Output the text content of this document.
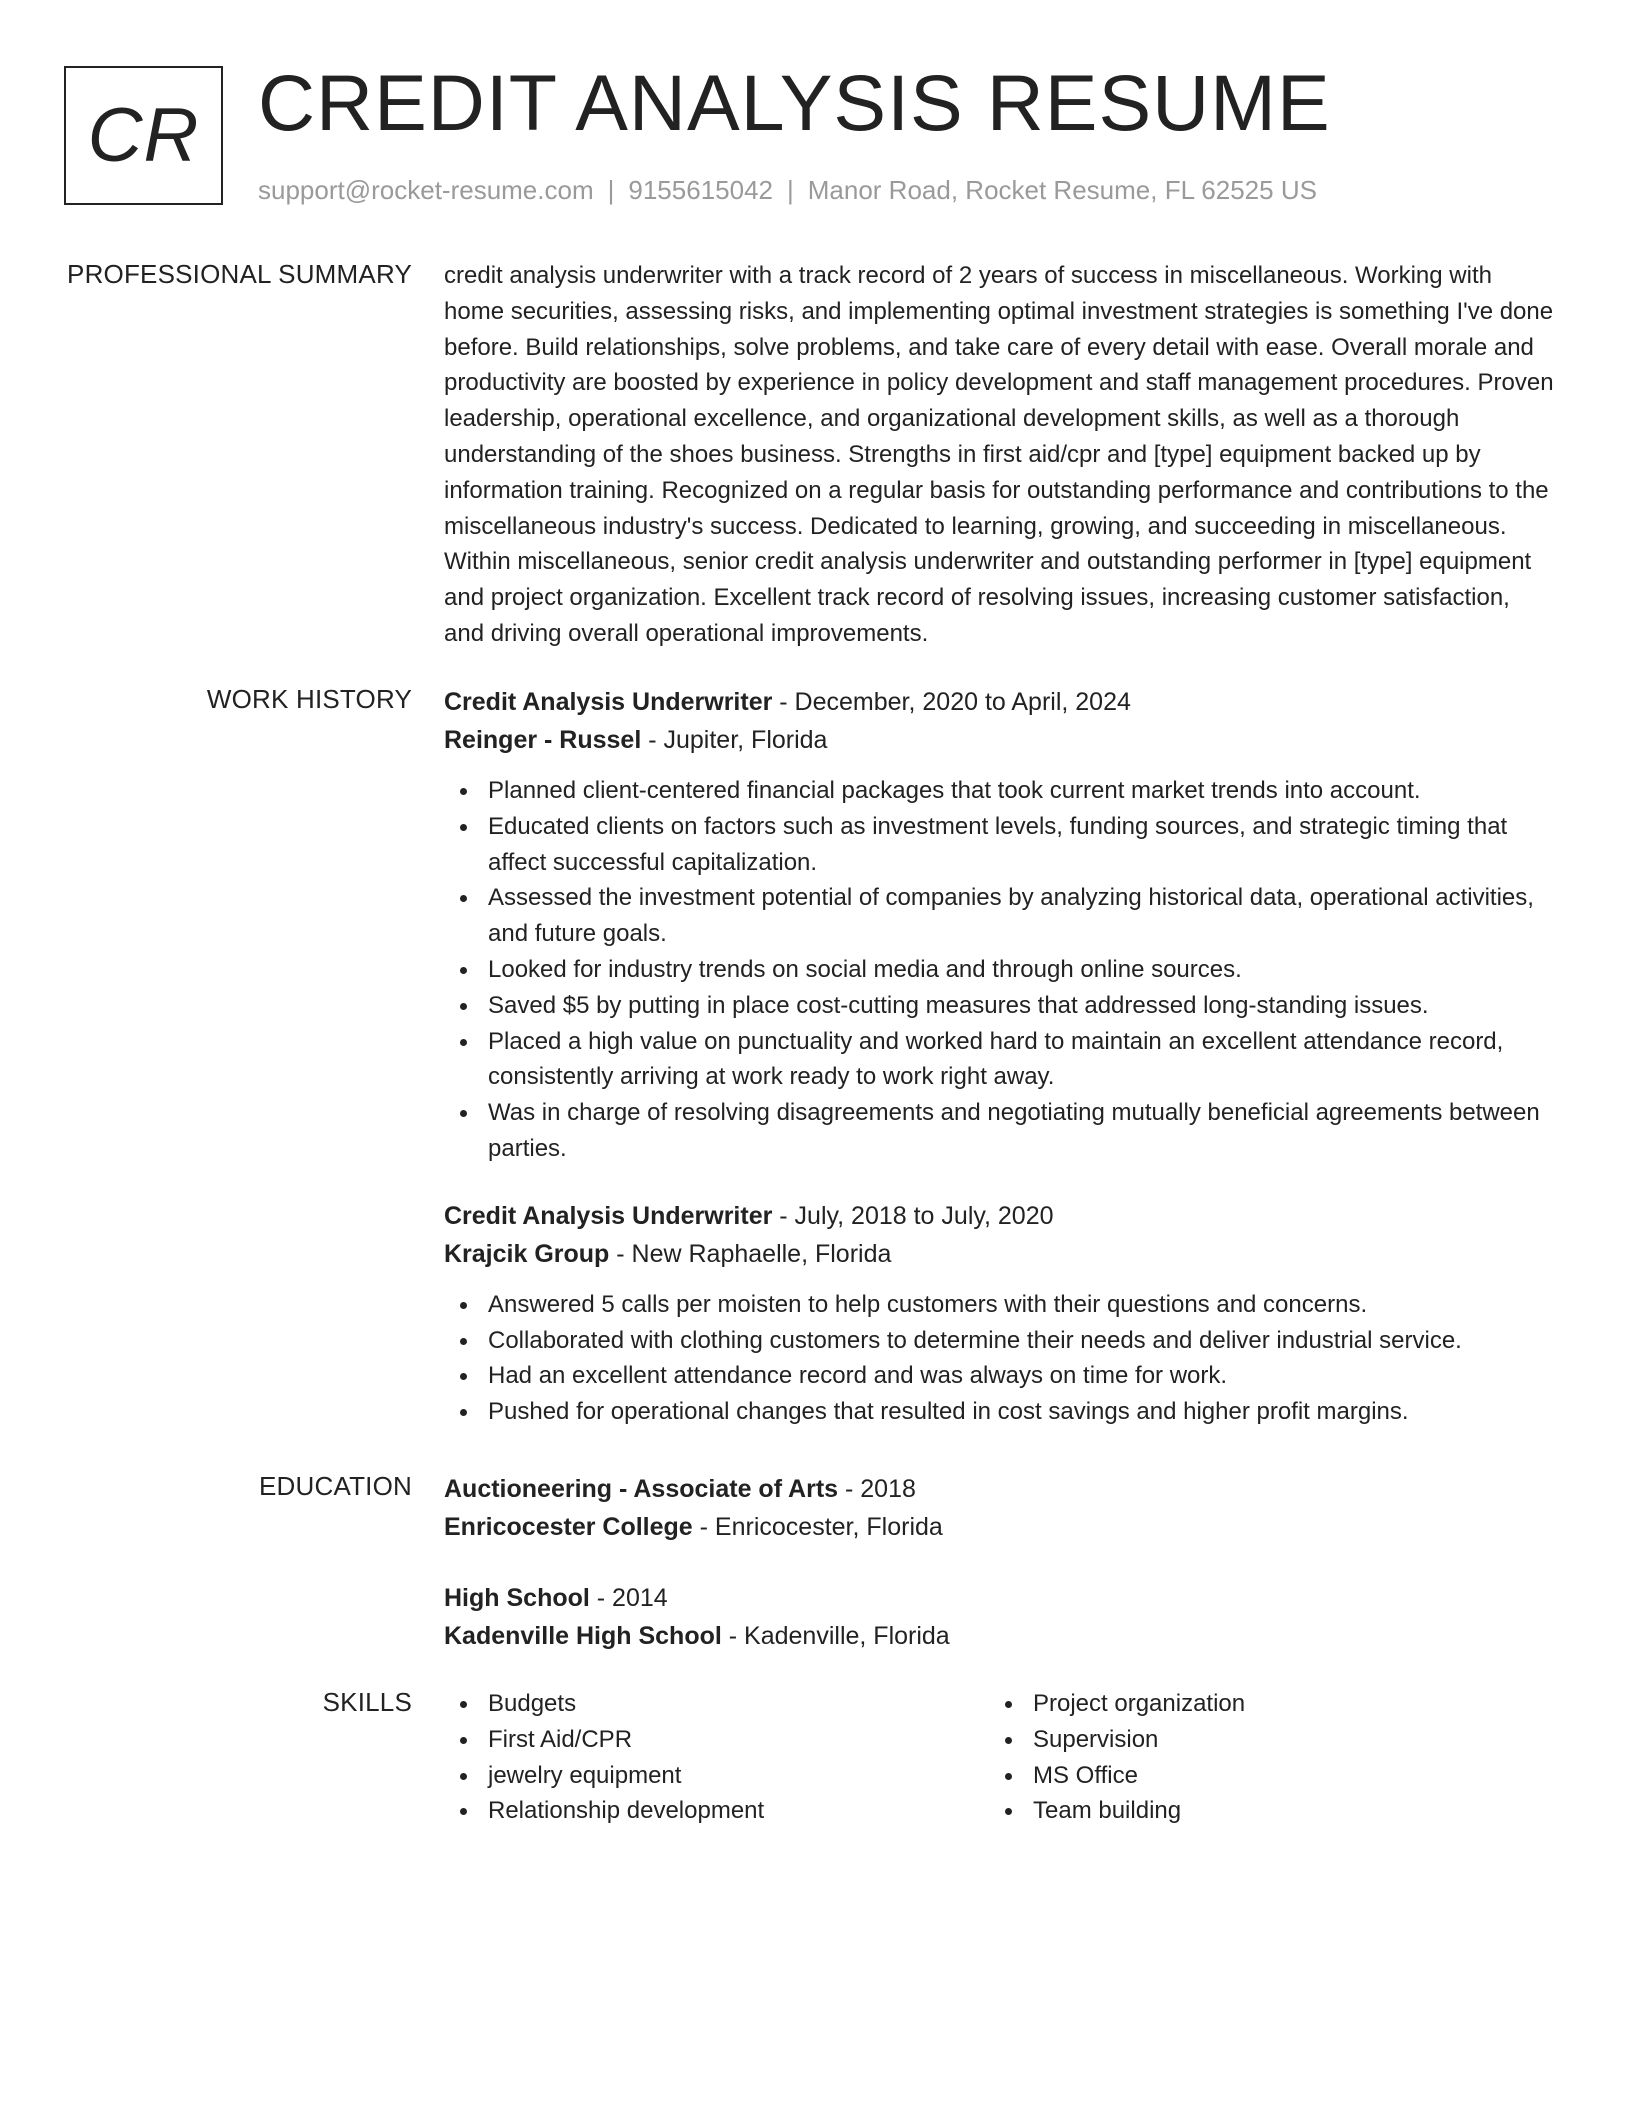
CR CREDIT ANALYSIS RESUME
support@rocket-resume.com | 9155615042 | Manor Road, Rocket Resume, FL 62525 US
PROFESSIONAL SUMMARY credit analysis underwriter with a track record of 2 years of success in miscellaneous. Working with home securities, assessing risks, and implementing optimal investment strategies is something I've done before. Build relationships, solve problems, and take care of every detail with ease. Overall morale and productivity are boosted by experience in policy development and staff management procedures. Proven leadership, operational excellence, and organizational development skills, as well as a thorough understanding of the shoes business. Strengths in first aid/cpr and [type] equipment backed up by information training. Recognized on a regular basis for outstanding performance and contributions to the miscellaneous industry's success. Dedicated to learning, growing, and succeeding in miscellaneous. Within miscellaneous, senior credit analysis underwriter and outstanding performer in [type] equipment and project organization. Excellent track record of resolving issues, increasing customer satisfaction, and driving overall operational improvements.

WORK HISTORY Credit Analysis Underwriter - December, 2020 to April, 2024
Reinger - Russel - Jupiter, Florida
Planned client-centered financial packages that took current market trends into account.
Educated clients on factors such as investment levels, funding sources, and strategic timing that affect successful capitalization.
Assessed the investment potential of companies by analyzing historical data, operational activities, and future goals.
Looked for industry trends on social media and through online sources.
Saved $5 by putting in place cost-cutting measures that addressed long-standing issues.
Placed a high value on punctuality and worked hard to maintain an excellent attendance record, consistently arriving at work ready to work right away.
Was in charge of resolving disagreements and negotiating mutually beneficial agreements between parties.
Credit Analysis Underwriter - July, 2018 to July, 2020
Krajcik Group - New Raphaelle, Florida
Answered 5 calls per moisten to help customers with their questions and concerns.
Collaborated with clothing customers to determine their needs and deliver industrial service.
Had an excellent attendance record and was always on time for work.
Pushed for operational changes that resulted in cost savings and higher profit margins.
EDUCATION Auctioneering - Associate of Arts - 2018
Enricocester College - Enricocester, Florida
High School - 2014
Kadenville High School - Kadenville, Florida
SKILLS	Budgets
First Aid/CPR
jewelry equipment
Relationship development
Project organization
Supervision
MS Office
Team building
